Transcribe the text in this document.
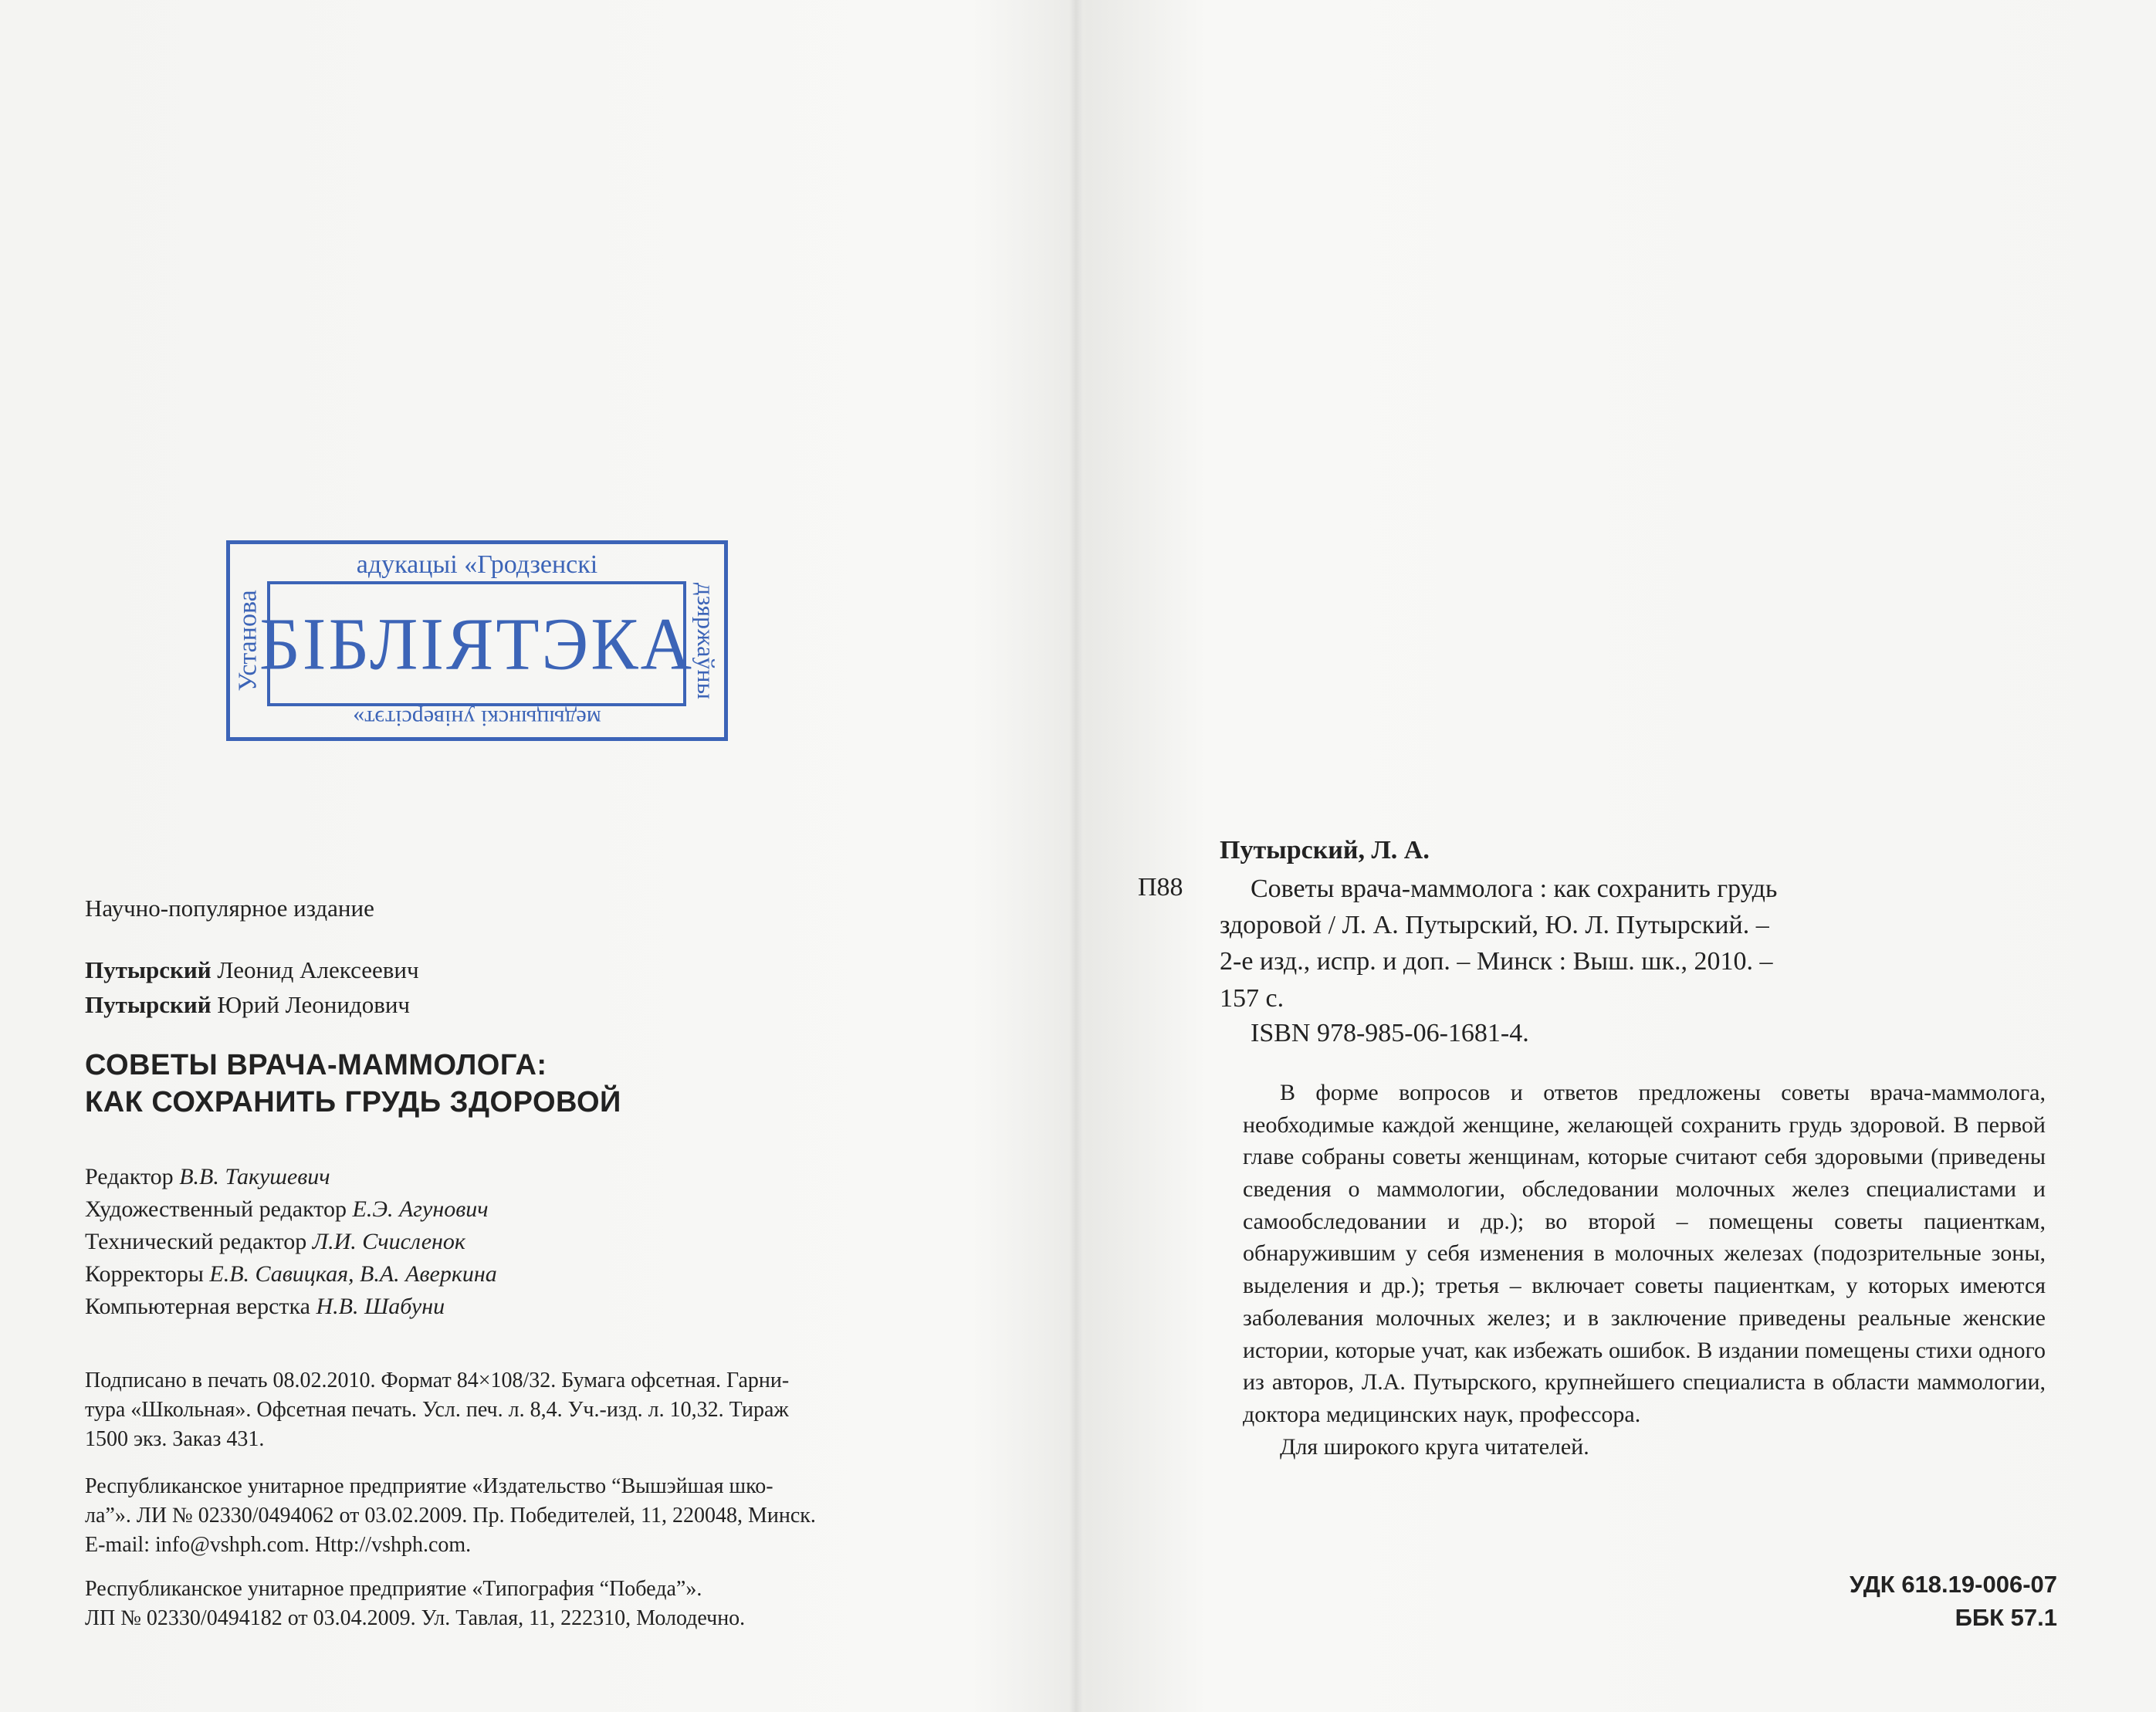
адукацыі «Гродзенскі
Установа	дзяржаўны
БІБЛІЯТЭКА
медыцынскі універсітэт»
Научно-популярное издание
Путырский Леонид Алексеевич
Путырский Юрий Леонидович
СОВЕТЫ ВРАЧА-МАММОЛОГА:
КАК СОХРАНИТЬ ГРУДЬ ЗДОРОВОЙ
Редактор В.В. Такушевич
Художественный редактор Е.Э. Агунович
Технический редактор Л.И. Счисленок
Корректоры Е.В. Савицкая, В.А. Аверкина
Компьютерная верстка Н.В. Шабуни
Подписано в печать 08.02.2010. Формат 84×108/32. Бумага офсетная. Гарни-
тура «Школьная». Офсетная печать. Усл. печ. л. 8,4. Уч.-изд. л. 10,32. Тираж
1500 экз. Заказ 431.
Республиканское унитарное предприятие «Издательство “Вышэйшая шко-
ла”». ЛИ № 02330/0494062 от 03.02.2009. Пр. Победителей, 11, 220048, Минск.
E-mail: info@vshph.com. Http://vshph.com.
Республиканское унитарное предприятие «Типография “Победа”».
ЛП № 02330/0494182 от 03.04.2009. Ул. Тавлая, 11, 222310, Молодечно.
Путырский, Л. А.
П88	Советы врача-маммолога : как сохранить грудь
здоровой / Л. А. Путырский, Ю. Л. Путырский. –
2-е изд., испр. и доп. – Минск : Выш. шк., 2010. –
157 с.
ISBN 978-985-06-1681-4.

В форме вопросов и ответов предложены советы врача-маммолога, необходимые каждой женщине, желающей сохранить грудь здоровой. В первой главе собраны советы женщинам, которые считают себя здоровыми (приведены сведения о маммологии, обследовании молочных желез специалистами и самообследовании и др.); во второй – помещены советы пациенткам, обнаружившим у себя изменения в молочных железах (подозрительные зоны, выделения и др.); третья – включает советы пациенткам, у которых имеются заболевания молочных желез; и в заключение приведены реальные женские истории, которые учат, как избежать ошибок. В издании помещены стихи одного из авторов, Л.А. Путырского, крупнейшего специалиста в области маммологии, доктора медицинских наук, профессора.

Для широкого круга читателей.

УДК 618.19-006-07
ББК 57.1
